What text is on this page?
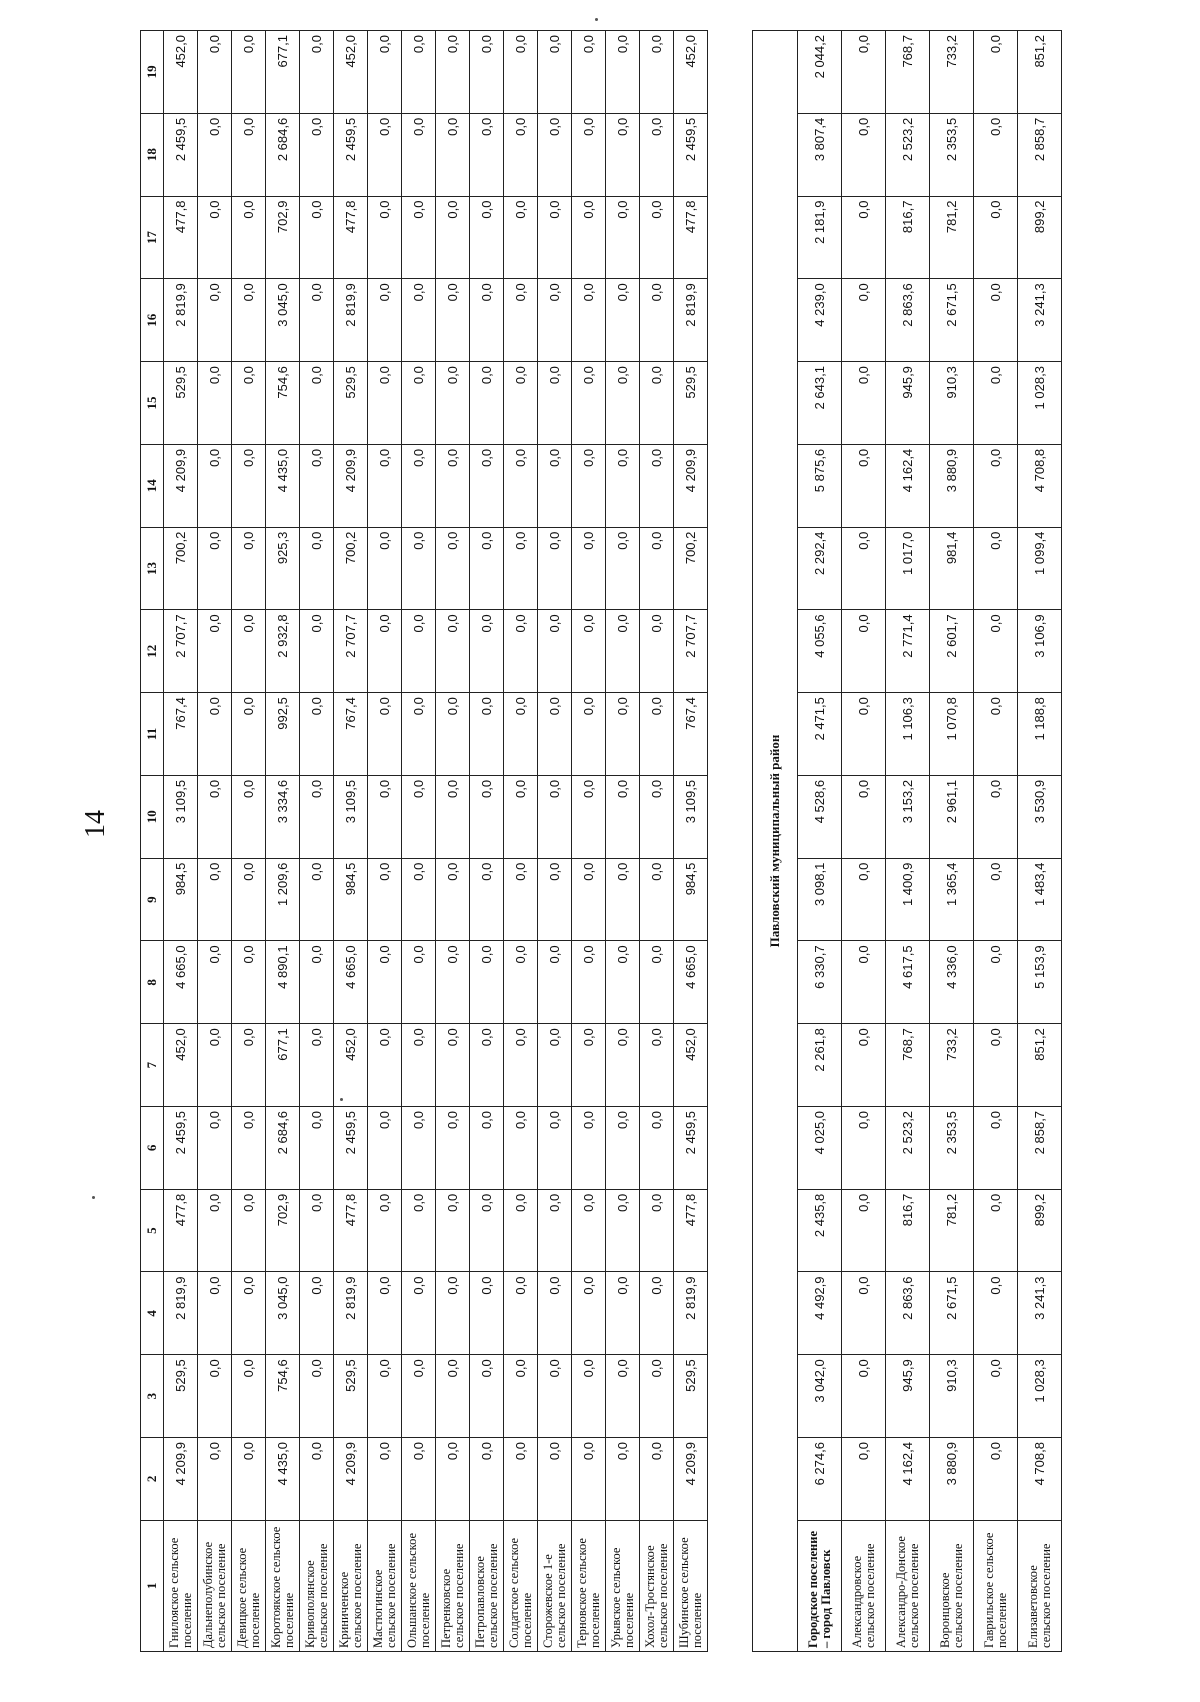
14
1	2	3	4	5	6	7	8	9	10	11	12	13	14	15	16	17	18	19
Гнилояское сельское поселение	4 209,9	529,5	2 819,9	477,8	2 459,5	452,0	4 665,0	984,5	3 109,5	767,4	2 707,7	700,2	4 209,9	529,5	2 819,9	477,8	2 459,5	452,0
Дальнеполубинское сельское поселение	0,0	0,0	0,0	0,0	0,0	0,0	0,0	0,0	0,0	0,0	0,0	0,0	0,0	0,0	0,0	0,0	0,0	0,0
Девицкое сельское поселение	0,0	0,0	0,0	0,0	0,0	0,0	0,0	0,0	0,0	0,0	0,0	0,0	0,0	0,0	0,0	0,0	0,0	0,0
Коротоякское сельское поселение	4 435,0	754,6	3 045,0	702,9	2 684,6	677,1	4 890,1	1 209,6	3 334,6	992,5	2 932,8	925,3	4 435,0	754,6	3 045,0	702,9	2 684,6	677,1
Кривополянское сельское поселение	0,0	0,0	0,0	0,0	0,0	0,0	0,0	0,0	0,0	0,0	0,0	0,0	0,0	0,0	0,0	0,0	0,0	0,0
Криниченское сельское поселение	4 209,9	529,5	2 819,9	477,8	2 459,5	452,0	4 665,0	984,5	3 109,5	767,4	2 707,7	700,2	4 209,9	529,5	2 819,9	477,8	2 459,5	452,0
Мастюгинское сельское поселение	0,0	0,0	0,0	0,0	0,0	0,0	0,0	0,0	0,0	0,0	0,0	0,0	0,0	0,0	0,0	0,0	0,0	0,0
Ольшанское сельское поселение	0,0	0,0	0,0	0,0	0,0	0,0	0,0	0,0	0,0	0,0	0,0	0,0	0,0	0,0	0,0	0,0	0,0	0,0
Петренковское сельское поселение	0,0	0,0	0,0	0,0	0,0	0,0	0,0	0,0	0,0	0,0	0,0	0,0	0,0	0,0	0,0	0,0	0,0	0,0
Петропавловское сельское поселение	0,0	0,0	0,0	0,0	0,0	0,0	0,0	0,0	0,0	0,0	0,0	0,0	0,0	0,0	0,0	0,0	0,0	0,0
Солдатское сельское поселение	0,0	0,0	0,0	0,0	0,0	0,0	0,0	0,0	0,0	0,0	0,0	0,0	0,0	0,0	0,0	0,0	0,0	0,0
Сторожевское 1-е сельское поселение	0,0	0,0	0,0	0,0	0,0	0,0	0,0	0,0	0,0	0,0	0,0	0,0	0,0	0,0	0,0	0,0	0,0	0,0
Терновское сельское поселение	0,0	0,0	0,0	0,0	0,0	0,0	0,0	0,0	0,0	0,0	0,0	0,0	0,0	0,0	0,0	0,0	0,0	0,0
Урывское сельское поселение	0,0	0,0	0,0	0,0	0,0	0,0	0,0	0,0	0,0	0,0	0,0	0,0	0,0	0,0	0,0	0,0	0,0	0,0
Хохол-Тростянское сельское поселение	0,0	0,0	0,0	0,0	0,0	0,0	0,0	0,0	0,0	0,0	0,0	0,0	0,0	0,0	0,0	0,0	0,0	0,0
Шубинское сельское поселение	4 209,9	529,5	2 819,9	477,8	2 459,5	452,0	4 665,0	984,5	3 109,5	767,4	2 707,7	700,2	4 209,9	529,5	2 819,9	477,8	2 459,5	452,0

Павловский муниципальный район																		
Городское поселение – город Павловск	6 274,6	3 042,0	4 492,9	2 435,8	4 025,0	2 261,8	6 330,7	3 098,1	4 528,6	2 471,5	4 055,6	2 292,4	5 875,6	2 643,1	4 239,0	2 181,9	3 807,4	2 044,2
Александровское сельское поселение	0,0	0,0	0,0	0,0	0,0	0,0	0,0	0,0	0,0	0,0	0,0	0,0	0,0	0,0	0,0	0,0	0,0	0,0
Александро-Донское сельское поселение	4 162,4	945,9	2 863,6	816,7	2 523,2	768,7	4 617,5	1 400,9	3 153,2	1 106,3	2 771,4	1 017,0	4 162,4	945,9	2 863,6	816,7	2 523,2	768,7
Воронцовское сельское поселение	3 880,9	910,3	2 671,5	781,2	2 353,5	733,2	4 336,0	1 365,4	2 961,1	1 070,8	2 601,7	981,4	3 880,9	910,3	2 671,5	781,2	2 353,5	733,2
Гаврильское сельское поселение	0,0	0,0	0,0	0,0	0,0	0,0	0,0	0,0	0,0	0,0	0,0	0,0	0,0	0,0	0,0	0,0	0,0	0,0
Елизаветовское сельское поселение	4 708,8	1 028,3	3 241,3	899,2	2 858,7	851,2	5 153,9	1 483,4	3 530,9	1 188,8	3 106,9	1 099,4	4 708,8	1 028,3	3 241,3	899,2	2 858,7	851,2
